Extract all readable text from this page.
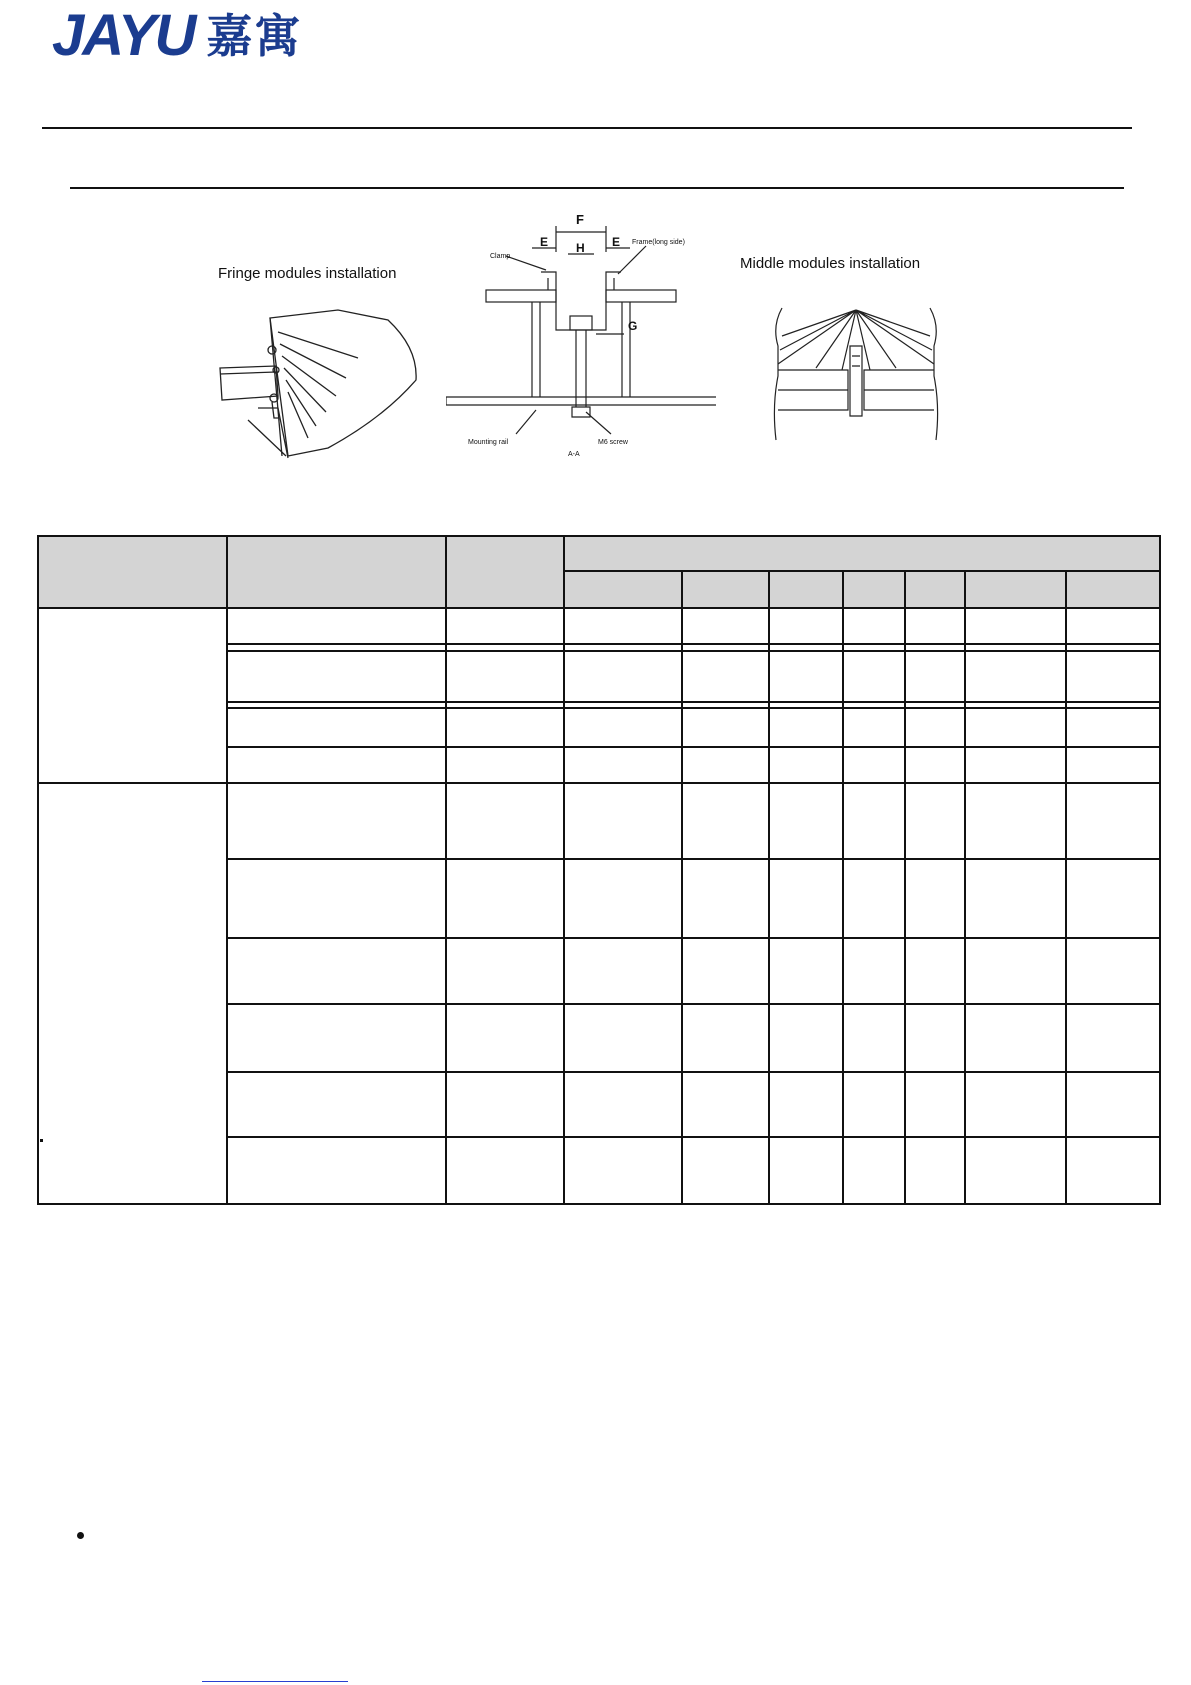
JAYU 嘉寓
Fringe modules installation
Middle modules installation
F
E	E
H
G
Clamp
Frame(long side)
Mounting rail	M6 screw
A-A
